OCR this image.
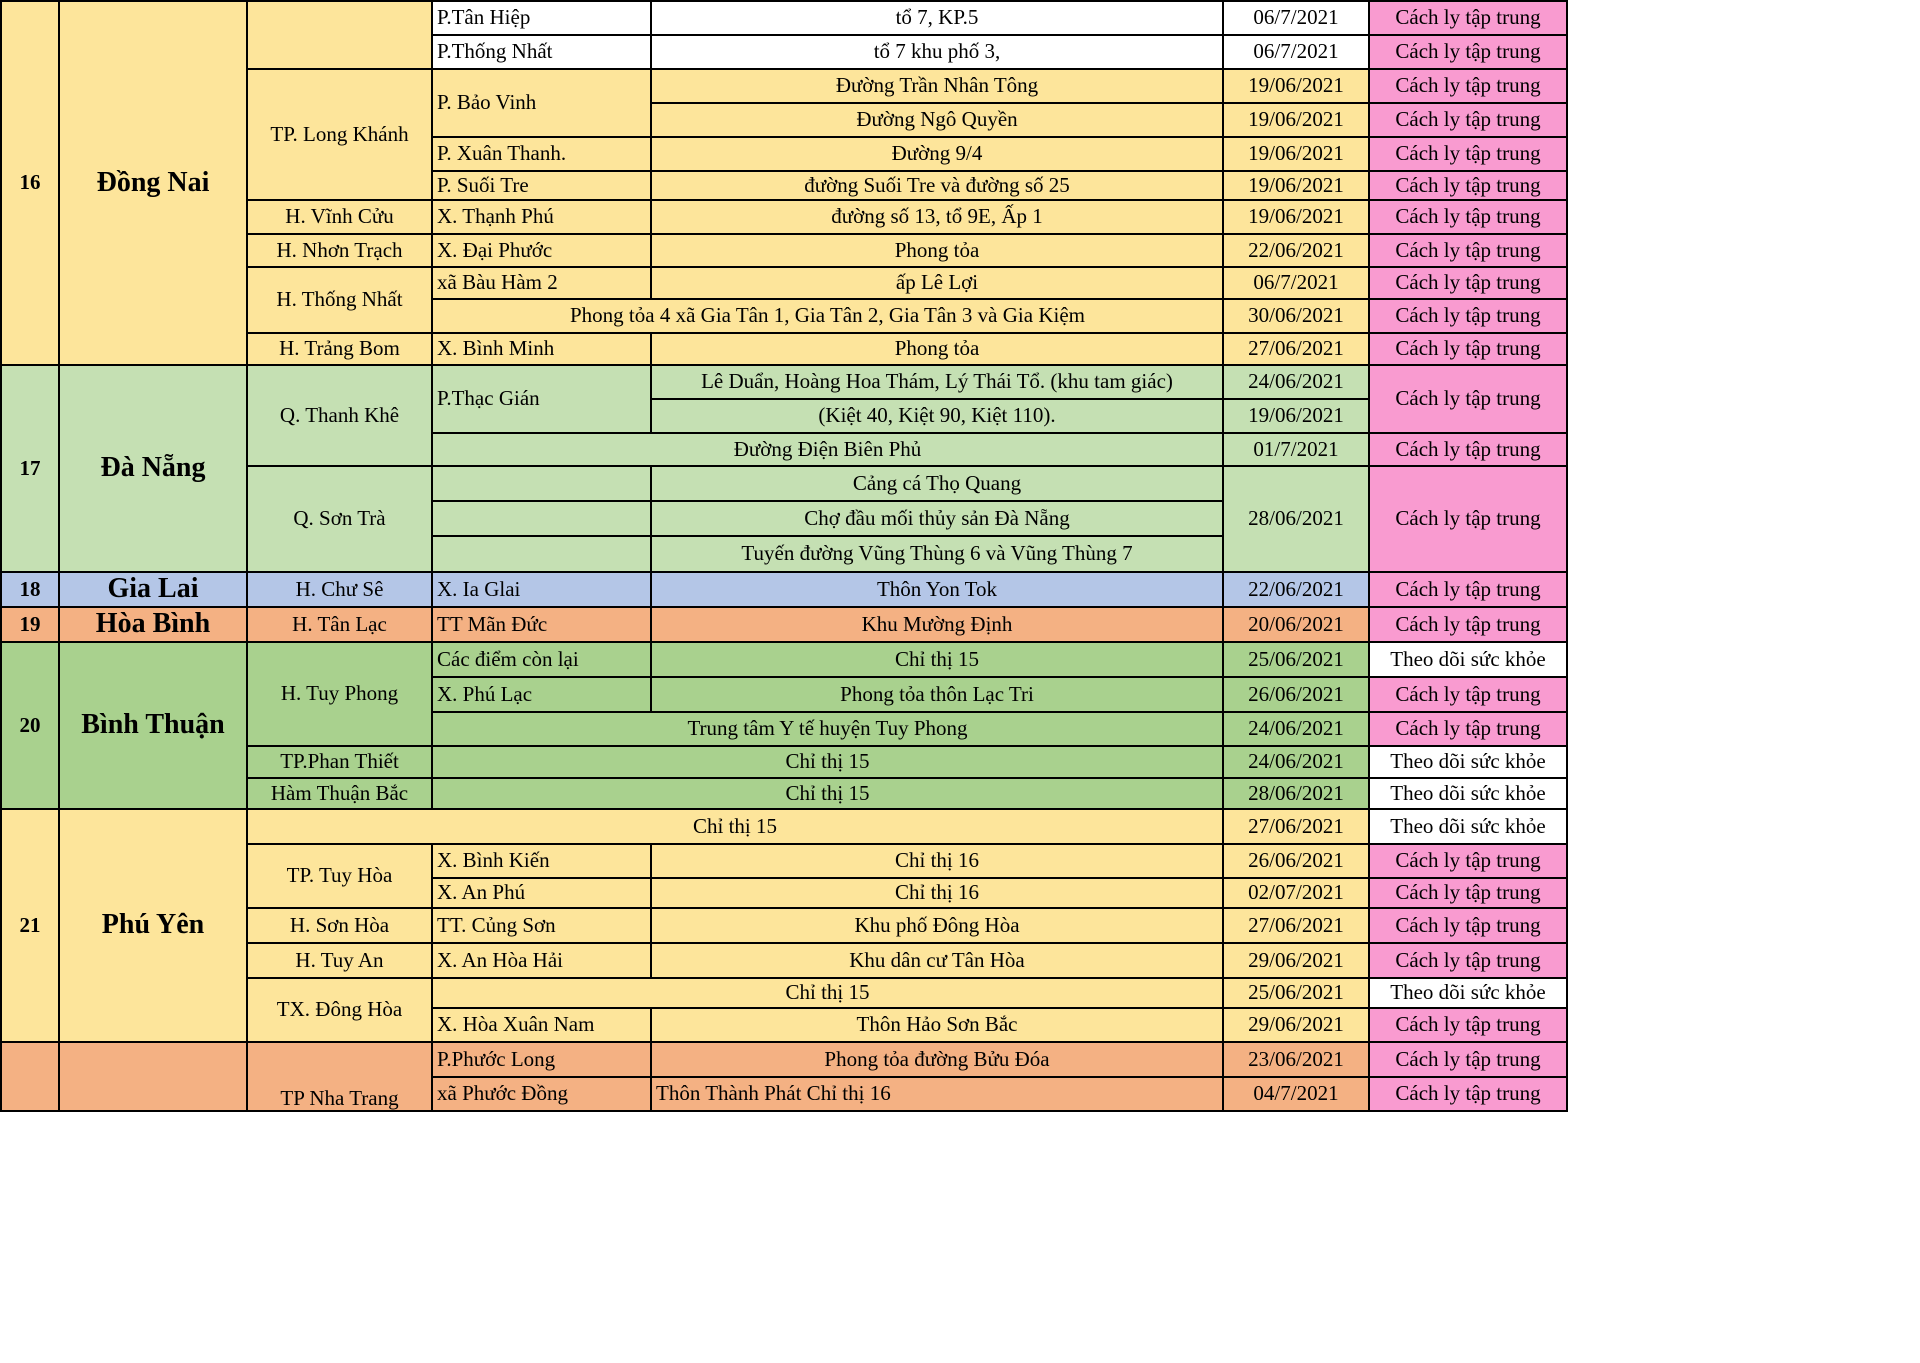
16	Đồng Nai		P.Tân Hiệp	tổ 7, KP.5	06/7/2021	Cách ly tập trung
			P.Thống Nhất	tổ 7 khu phố 3,	06/7/2021	Cách ly tập trung
		TP. Long Khánh	P. Bảo Vinh	Đường Trần Nhân Tông	19/06/2021	Cách ly tập trung
				Đường Ngô Quyền	19/06/2021	Cách ly tập trung
			P. Xuân Thanh.	Đường 9/4	19/06/2021	Cách ly tập trung
			P. Suối Tre	đường Suối Tre và đường số 25	19/06/2021	Cách ly tập trung
		H. Vĩnh Cửu	X. Thạnh Phú	đường số 13, tổ 9E, Ấp 1	19/06/2021	Cách ly tập trung
		H. Nhơn Trạch	X. Đại Phước	Phong tỏa	22/06/2021	Cách ly tập trung
		H. Thống Nhất	xã Bàu Hàm 2	ấp Lê Lợi	06/7/2021	Cách ly tập trung
			Phong tỏa 4 xã Gia Tân 1, Gia Tân 2, Gia Tân 3 và Gia Kiệm		30/06/2021	Cách ly tập trung
		H. Trảng Bom	X. Bình Minh	Phong tỏa	27/06/2021	Cách ly tập trung
17	Đà Nẵng	Q. Thanh Khê	P.Thạc Gián	Lê Duẩn, Hoàng Hoa Thám, Lý Thái Tổ. (khu tam giác)	24/06/2021	Cách ly tập trung
				(Kiệt 40, Kiệt 90, Kiệt 110).	19/06/2021	
			Đường Điện Biên Phủ		01/7/2021	Cách ly tập trung
		Q. Sơn Trà		Cảng cá Thọ Quang	28/06/2021	Cách ly tập trung
				Chợ đầu mối thủy sản Đà Nẵng		
				Tuyến đường Vũng Thùng 6 và Vũng Thùng 7		
18	Gia Lai	H. Chư Sê	X. Ia Glai	Thôn Yon Tok	22/06/2021	Cách ly tập trung
19	Hòa Bình	H. Tân Lạc	TT Mãn Đức	Khu Mường Định	20/06/2021	Cách ly tập trung
20	Bình Thuận	H. Tuy Phong	Các điểm còn lại	Chỉ thị 15	25/06/2021	Theo dõi sức khỏe
			X. Phú Lạc	Phong tỏa thôn Lạc Tri	26/06/2021	Cách ly tập trung
			Trung tâm Y tế huyện Tuy Phong		24/06/2021	Cách ly tập trung
		TP.Phan Thiết	Chỉ thị 15		24/06/2021	Theo dõi sức khỏe
		Hàm Thuận Bắc	Chỉ thị 15		28/06/2021	Theo dõi sức khỏe
21	Phú Yên	Chỉ thị 15			27/06/2021	Theo dõi sức khỏe
		TP. Tuy Hòa	X. Bình Kiến	Chỉ thị 16	26/06/2021	Cách ly tập trung
			X. An Phú	Chỉ thị 16	02/07/2021	Cách ly tập trung
		H. Sơn Hòa	TT. Củng Sơn	Khu phố Đông Hòa	27/06/2021	Cách ly tập trung
		H. Tuy An	X. An Hòa Hải	Khu dân cư Tân Hòa	29/06/2021	Cách ly tập trung
		TX. Đông Hòa	Chỉ thị 15		25/06/2021	Theo dõi sức khỏe
			X. Hòa Xuân Nam	Thôn Hảo Sơn Bắc	29/06/2021	Cách ly tập trung
		TP Nha Trang	P.Phước Long	Phong tỏa đường Bửu Đóa	23/06/2021	Cách ly tập trung
			xã Phước Đồng	Thôn Thành Phát Chỉ thị 16	04/7/2021	Cách ly tập trung
